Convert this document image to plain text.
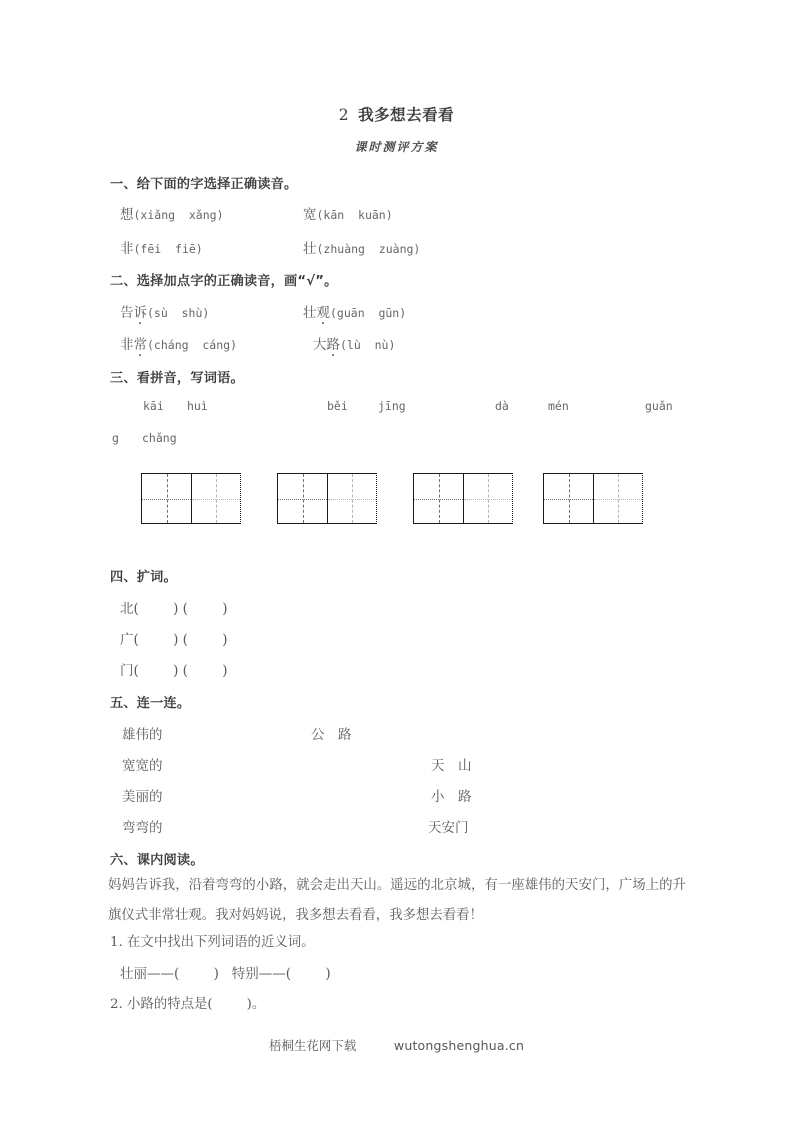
2 我多想去看看
课时测评方案
一、给下面的字选择正确读音。
想(xiǎng  xǎng)	宽(kān  kuān)
非(fēi  fiē)	壮(zhuàng  zuàng)
二、选择加点字的正确读音，画“√”。
告诉(sù  shù)	壮观(guān  gūn)
非常(cháng  cáng)	大路(lù  nù)
三、看拼音，写词语。
kāi huì	běi	jīng	dà	mén	guǎn
g chǎng
四、扩词。
北(        ) (        )
广(        ) (        )
门(        ) (        )
五、连一连。
雄伟的	公　路
宽宽的	天　山
美丽的	小　路
弯弯的	天安门
六、课内阅读。
妈妈告诉我，沿着弯弯的小路，就会走出天山。遥远的北京城，有一座雄伟的天安门，广场上的升旗仪式非常壮观。我对妈妈说，我多想去看看，我多想去看看！
1. 在文中找出下列词语的近义词。
壮丽——(        )   特别——(        )
2. 小路的特点是(        )。
梧桐生花网下载　　　	wutongshenghua.cn
